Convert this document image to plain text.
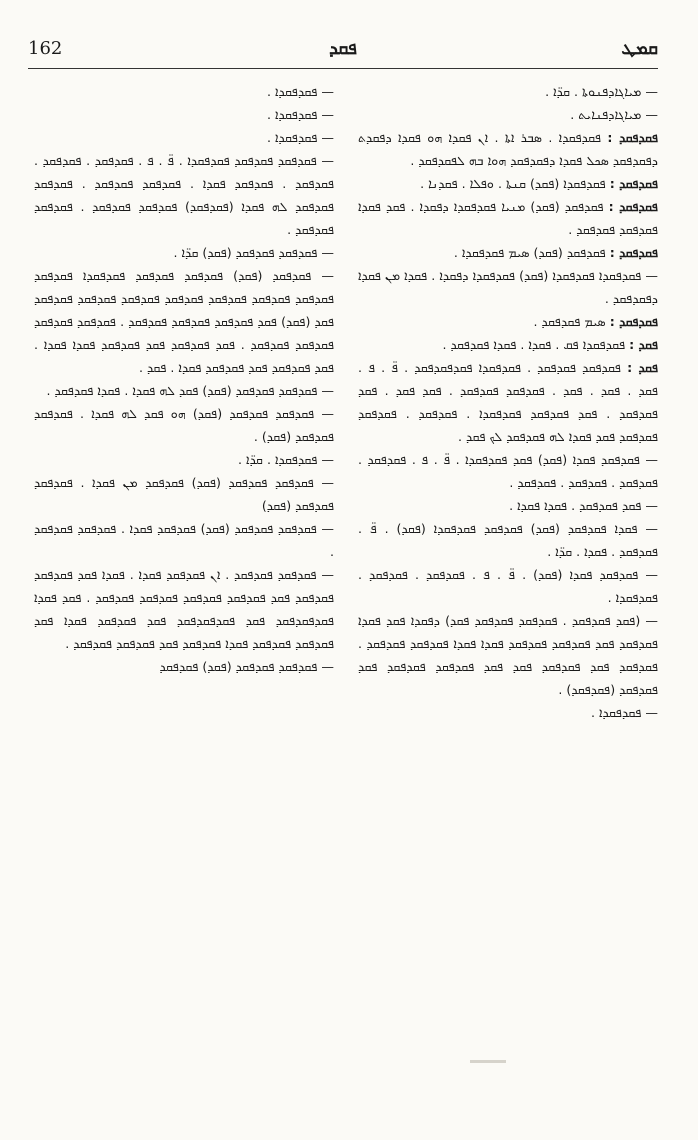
162	ܦܩܕ	ܩܡܛ

— ܡܝܐܓܐܕܦܢܘܬܐ . ܩܕ̈ܐ .

— ܡܝܐܓܐܕܦܢܐܝܬ .

ܦܩܕܦܩܕ : ܦܩܕܦܩܕܐ . ܣܒܪ ܐܬܐ . ܐܢ ܦܩܕܐ ܗܘ ܦܩܕܐ ܕܦܩܕܬ ܕܦܩܕܦܩܕ ܣܟܠ ܦܩܕܐ ܕܦܩܕܦܩܕ ܗܘܐ ܒܗ ܠܦܩܕܦܩܕ .

ܦܩܕܦܩܕ : ܦܩܕܦܩܕܐ (ܦܩܕ) ܩܢܬܐ . ܘܦܠܐ . ܦܩܕܢܐ .

ܦܩܕܦܩܕ : ܦܩܕܦܩܕ (ܦܩܕ) ܡܢܝܐ ܦܩܕܦܩܕܐ ܕܦܩܕܐ . ܦܩܕ ܦܩܕܐ ܦܩܕܦܩܕ ܦܩܕܦܩܕ .

ܦܩܕܦܩܕ : ܦܩܕܦܩܕ (ܦܩܕ) ܣܝܡ ܦܩܕܦܩܕܐ .

— ܦܩܕܦܩܕܐ ܦܩܕܦܩܕܐ (ܦܩܕ) ܦܩܕܦܩܕܐ ܕܦܩܕܐ . ܦܩܕܐ ܡܢ ܦܩܕܐ ܕܦܩܕܦܩܕ .

ܦܩܕܦܩܕ : ܣܝܡ ܦܩܕܦܩܕ .

ܦܩܕ : ܦܩܕܦܩܕܐ ܦܩ . ܦܩܕܐ . ܦܩܕܐ ܦܩܕܦܩܕ .

ܦܩܕ : ܦܩܕܦܩܕ ܦܩܕܦܩܕ . ܦܩܕܦܩܕܐ ܦܩܕܦܩܕܦܩܕ . ܦ̈ . ܦ . ܦܩܕ . ܦܩܕ . ܦܩܕ . ܦܩܕܦܩܕ ܦܩܕܦܩܕ . ܦܩܕ ܦܩܕ . ܦܩܕ ܦܩܕܦܩܕ . ܦܩܕ ܦܩܕܦܩܕ ܦܩܕܦܩܕܐ . ܦܩܕܦܩܕ . ܦܩܕܦܩܕ ܦܩܕܦܩܕ ܦܩܕ ܦܩܕܐ ܠܗ ܦܩܕܦܩܕ ܠܟ ܦܩܕ .

— ܦܩܕܦܩܕ ܦܩܕܐ (ܦܩܕ) ܦܩܕ ܦܩܕܦܩܕܐ . ܦ̈ . ܦ . ܦܩܕܦܩܕ . ܦܩܕܦܩܕ . ܦܩܕܦܩܕ . ܦܩܕܦܩܕ .

— ܦܩܕ ܦܩܕܦܩܕ . ܦܩܕܐ ܦܩܕܐ .

— ܦܩܕܐ ܦܩܕܦܩܕ (ܦܩܕ) ܦܩܕܦܩܕ ܦܩܕܦܩܕܐ (ܦܩܕ) . ܦ̈ . ܦܩܕܦܩܕ . ܦܩܕܐ . ܩܕ̈ܐ .

— ܦܩܕܦܩܕ ܦܩܕܐ (ܦܩܕ) . ܦ̈ . ܦ . ܦܩܕܦܩܕ . ܦܩܕܦܩܕ . ܦܩܕܦܩܕܐ .

— (ܦܩܕ ܦܩܕܦܩܕ . ܦܩܕܦܩܕ ܦܩܕܦܩܕ ܦܩܕ) ܕܦܩܕܐ ܦܩܕ ܦܩܕܐ ܦܩܕܦܩܕ ܦܩܕ ܦܩܕܦܩܕ ܦܩܕܦܩܕ ܦܩܕܐ ܦܩܕܐ ܦܩܕܦܩܕ ܦܩܕܦܩܕ . ܦܩܕܦܩܕ ܦܩܕ ܦܩܕܦܩܕ ܦܩܕ ܦܩܕ ܦܩܕܦܩܕ ܦܩܕܦܩܕ ܦܩܕ ܦܩܕܦܩܕ (ܦܩܕܦܩܕ) .

— ܦܩܕܦܩܕܐ .

— ܦܩܕܦܩܕܐ .

— ܦܩܕܦܩܕܐ .

— ܦܩܕܦܩܕܐ .

— ܦܩܕܦܩܕ ܦܩܕܦܩܕ ܦܩܕܦܩܕܐ . ܦ̈ . ܦ . ܦܩܕܦܩܕ . ܦܩܕܦܩܕ . ܦܩܕܦܩܕ . ܦܩܕܦܩܕ ܦܩܕܐ . ܦܩܕܦܩܕ ܦܩܕܦܩܕ . ܦܩܕܦܩܕ ܦܩܕܦܩܕ ܠܗ ܦܩܕܐ (ܦܩܕܦܩܕ) ܦܩܕܦܩܕ ܦܩܕܦܩܕ . ܦܩܕܦܩܕ ܦܩܕܦܩܕ .

— ܦܩܕܦܩܕ ܦܩܕܦܩܕ (ܦܩܕ) ܩܕ̈ܐ .

— ܦܩܕܦܩܕ (ܦܩܕ) ܦܩܕܦܩܕ ܦܩܕܦܩܕ ܦܩܕܦܩܕܐ ܦܩܕܦܩܕ ܦܩܕܦܩܕ ܦܩܕܦܩܕ ܦܩܕܦܩܕ ܦܩܕܦܩܕ ܦܩܕܦܩܕ ܦܩܕܦܩܕ ܦܩܕܦܩܕ ܦܩܕ (ܦܩܕ) ܦܩܕ ܦܩܕܦܩܕ ܦܩܕܦܩܕ ܦܩܕܦܩܕ . ܦܩܕܦܩܕ ܦܩܕܦܩܕ ܦܩܕܦܩܕ ܦܩܕܦܩܕ . ܦܩܕ ܦܩܕܦܩܕ ܦܩܕ ܦܩܕܦܩܕ ܦܩܕܐ ܦܩܕܐ . ܦܩܕ ܦܩܕܦܩܕ ܦܩܕ ܦܩܕܦܩܕ ܦܩܕܐ . ܦܩܕ .

— ܦܩܕܦܩܕ ܦܩܕܦܩܕ (ܦܩܕ) ܦܩܕ ܠܗ ܦܩܕܐ . ܦܩܕܐ ܦܩܕܦܩܕ .

— ܦܩܕܦܩܕ ܦܩܕܦܩܕ (ܦܩܕ) ܗܘ ܦܩܕ ܠܗ ܦܩܕܐ . ܦܩܕܦܩܕ ܦܩܕܦܩܕ (ܦܩܕ) .

— ܦܩܕܦܩܕܐ . ܩܕ̈ܐ .

— ܦܩܕܦܩܕ ܦܩܕܦܩܕ (ܦܩܕ) ܦܩܕܦܩܕ ܡܢ ܦܩܕܐ . ܦܩܕܦܩܕ ܦܩܕܦܩܕ (ܦܩܕ)

— ܦܩܕܦܩܕ ܦܩܕܦܩܕ (ܦܩܕ) ܦܩܕܦܩܕ ܦܩܕܐ . ܦܩܕܦܩܕ ܦܩܕܦܩܕ .

— ܦܩܕܦܩܕ ܦܩܕܦܩܕ . ܐܢ ܦܩܕܦܩܕ ܦܩܕܐ . ܦܩܕܐ ܦܩܕ ܦܩܕܦܩܕ ܦܩܕܦܩܕ ܦܩܕ ܦܩܕܦܩܕ ܦܩܕܦܩܕ ܦܩܕܦܩܕ ܦܩܕܦܩܕ . ܦܩܕ ܦܩܕܐ ܦܩܕܦܩܕܦܩܕ ܦܩܕ ܦܩܕܦܩܕܦܩܕ ܦܩܕ ܦܩܕܦܩܕ ܦܩܕܐ ܦܩܕ ܦܩܕܦܩܕ ܦܩܕܦܩܕ ܦܩܕܐ ܦܩܕܦܩܕ ܦܩܕ ܦܩܕܦܩܕ ܦܩܕܦܩܕ .

— ܦܩܕܦܩܕ ܦܩܕܦܩܕ (ܦܩܕ) ܦܩܕܦܩܕ
